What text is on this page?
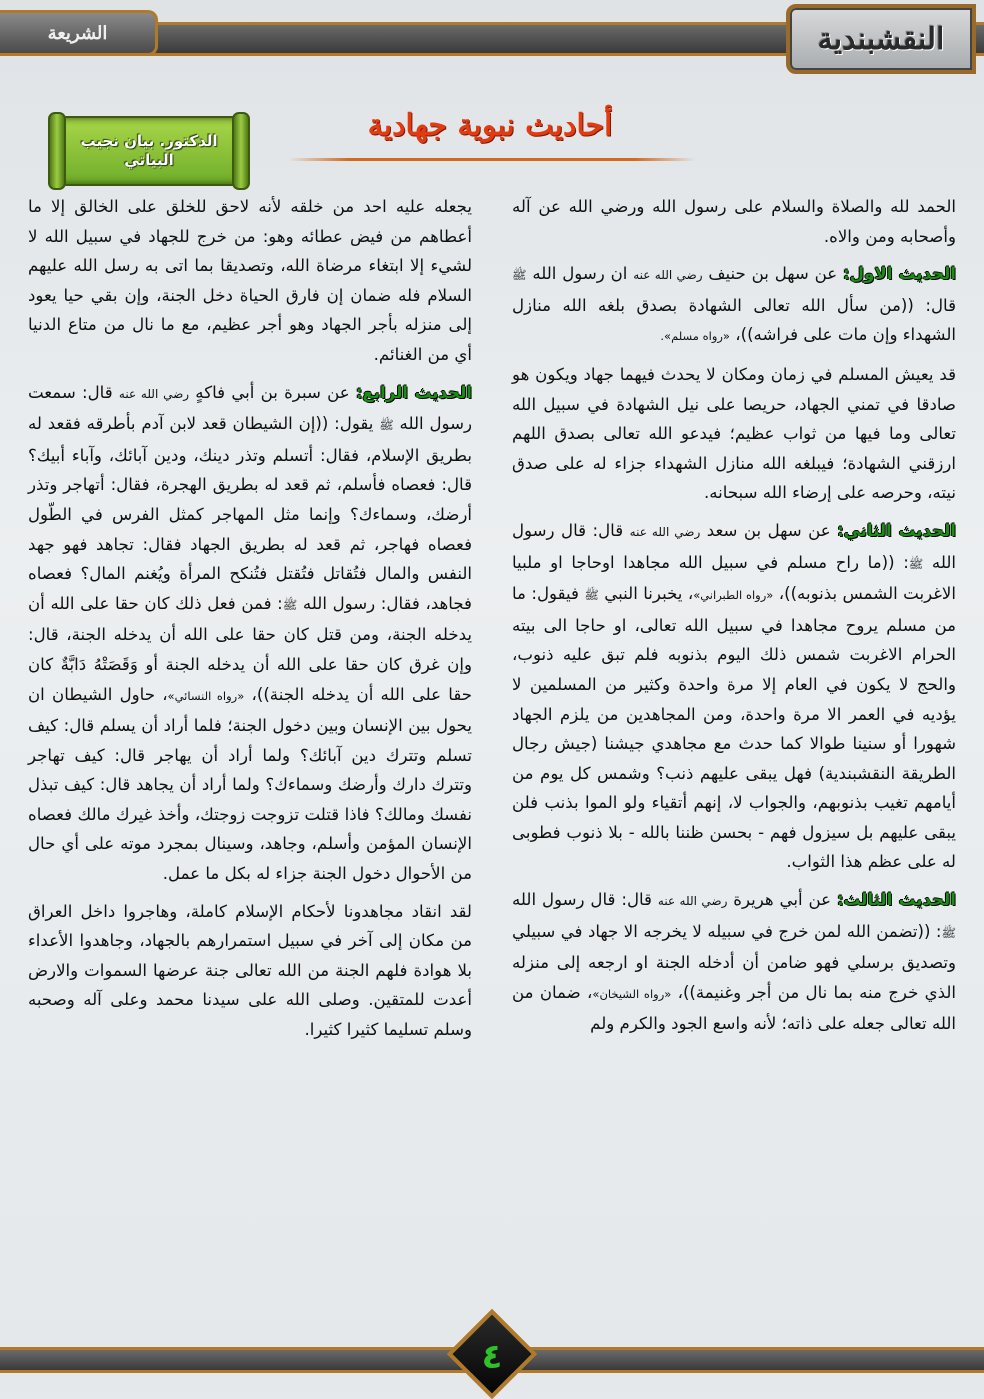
النقشبندية
الشريعة
أحاديث نبوية جهادية
الدكتور. بيان نجيب البياتي

الحمد لله والصلاة والسلام على رسول الله ورضي الله عن آله وأصحابه ومن والاه.

الحديث الاول: عن سهل بن حنيف رضي الله عنه ان رسول الله ﷺ قال: ((من سأل الله تعالى الشهادة بصدق بلغه الله منازل الشهداء وإن مات على فراشه))، «رواه مسلم».

قد يعيش المسلم في زمان ومكان لا يحدث فيهما جهاد ويكون هو صادقا في تمني الجهاد، حريصا على نيل الشهادة في سبيل الله تعالى وما فيها من ثواب عظيم؛ فيدعو الله تعالى بصدق اللهم ارزقني الشهادة؛ فيبلغه الله منازل الشهداء جزاء له على صدق نيته، وحرصه على إرضاء الله سبحانه.

الحديث الثاني: عن سهل بن سعد رضي الله عنه قال: قال رسول الله ﷺ: ((ما راح مسلم في سبيل الله مجاهدا اوحاجا او ملبيا الاغربت الشمس بذنوبه))، «رواه الطبراني»، يخبرنا النبي ﷺ فيقول: ما من مسلم يروح مجاهدا في سبيل الله تعالى، او حاجا الى بيته الحرام الاغربت شمس ذلك اليوم بذنوبه فلم تبق عليه ذنوب، والحج لا يكون في العام إلا مرة واحدة وكثير من المسلمين لا يؤديه في العمر الا مرة واحدة، ومن المجاهدين من يلزم الجهاد شهورا أو سنينا طوالا كما حدث مع مجاهدي جيشنا (جيش رجال الطريقة النقشبندية) فهل يبقى عليهم ذنب؟ وشمس كل يوم من أيامهم تغيب بذنوبهم، والجواب لا، إنهم أتقياء ولو الموا بذنب فلن يبقى عليهم بل سيزول فهم - بحسن ظننا بالله - بلا ذنوب فطوبى له على عظم هذا الثواب.

الحديث الثالث: عن أبي هريرة رضي الله عنه قال: قال رسول الله ﷺ: ((تضمن الله لمن خرج في سبيله لا يخرجه الا جهاد في سبيلي وتصديق برسلي فهو ضامن أن أدخله الجنة او ارجعه إلى منزله الذي خرج منه بما نال من أجر وغنيمة))، «رواه الشيخان»، ضمان من الله تعالى جعله على ذاته؛ لأنه واسع الجود والكرم ولم

يجعله عليه احد من خلقه لأنه لاحق للخلق على الخالق إلا ما أعطاهم من فيض عطائه وهو: من خرج للجهاد في سبيل الله لا لشيء إلا ابتغاء مرضاة الله، وتصديقا بما اتى به رسل الله عليهم السلام فله ضمان إن فارق الحياة دخل الجنة، وإن بقي حيا يعود إلى منزله بأجر الجهاد وهو أجر عظيم، مع ما نال من متاع الدنيا أي من الغنائم.

الحديث الرابع: عن سبرة بن أبي فاكهٍ رضي الله عنه قال: سمعت رسول الله ﷺ يقول: ((إن الشيطان قعد لابن آدم بأطرقه فقعد له بطريق الإسلام، فقال: أتسلم وتذر دينك، ودين آبائك، وآباء أبيك؟ قال: فعصاه فأسلم، ثم قعد له بطريق الهجرة، فقال: أتهاجر وتذر أرضك، وسماءك؟ وإنما مثل المهاجر كمثل الفرس في الطّول فعصاه فهاجر، ثم قعد له بطريق الجهاد فقال: تجاهد فهو جهد النفس والمال فتُقاتل فتُقتل فتُنكح المرأة ويُغنم المال؟ فعصاه فجاهد، فقال: رسول الله ﷺ: فمن فعل ذلك كان حقا على الله أن يدخله الجنة، ومن قتل كان حقا على الله أن يدخله الجنة، قال: وإن غرق كان حقا على الله أن يدخله الجنة أو وَقَصَتْهُ دَابَّةٌ كان حقا على الله أن يدخله الجنة))، «رواه النسائي»، حاول الشيطان ان يحول بين الإنسان وبين دخول الجنة؛ فلما أراد أن يسلم قال: كيف تسلم وتترك دين آبائك؟ ولما أراد أن يهاجر قال: كيف تهاجر وتترك دارك وأرضك وسماءك؟ ولما أراد أن يجاهد قال: كيف تبذل نفسك ومالك؟ فاذا قتلت تزوجت زوجتك، وأخذ غيرك مالك فعصاه الإنسان المؤمن وأسلم، وجاهد، وسينال بمجرد موته على أي حال من الأحوال دخول الجنة جزاء له بكل ما عمل.

لقد انقاد مجاهدونا لأحكام الإسلام كاملة، وهاجروا داخل العراق من مكان إلى آخر في سبيل استمرارهم بالجهاد، وجاهدوا الأعداء بلا هوادة فلهم الجنة من الله تعالى جنة عرضها السموات والارض أعدت للمتقين. وصلى الله على سيدنا محمد وعلى آله وصحبه وسلم تسليما كثيرا كثيرا.

٤
